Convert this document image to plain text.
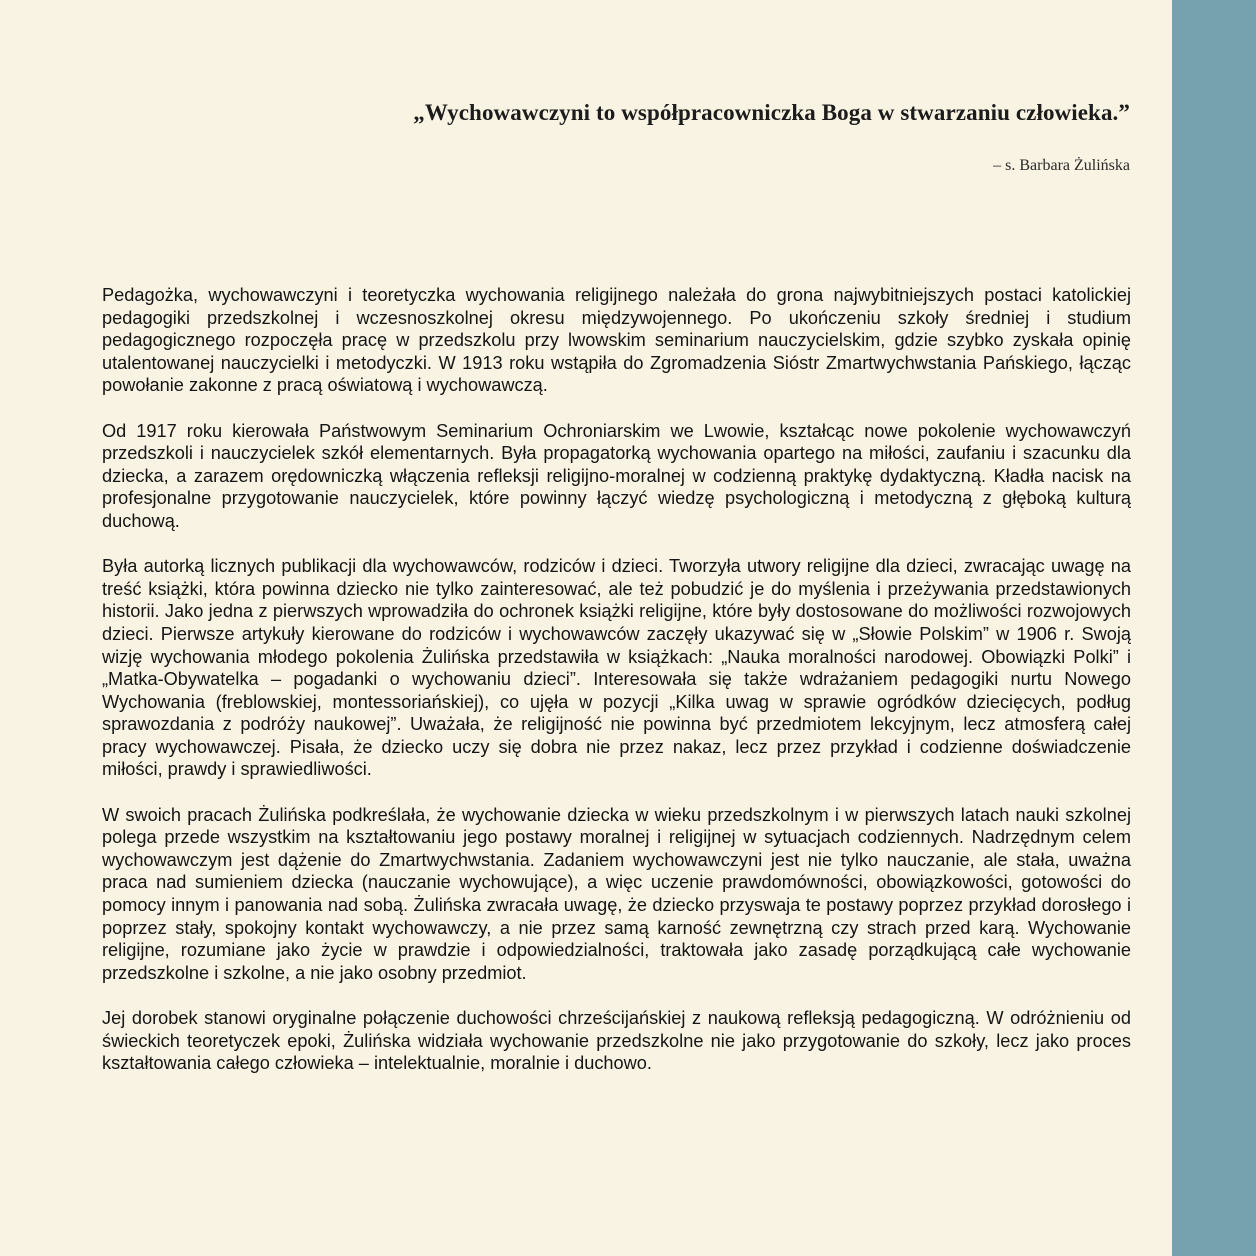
„Wychowawczyni to współpracowniczka Boga w stwarzaniu człowieka.”
– s. Barbara Żulińska

Pedagożka, wychowawczyni i teoretyczka wychowania religijnego należała do grona najwybitniejszych postaci katolickiej pedagogiki przedszkolnej i wczesnoszkolnej okresu międzywojennego. Po ukończeniu szkoły średniej i studium pedagogicznego rozpoczęła pracę w przedszkolu przy lwowskim seminarium nauczycielskim, gdzie szybko zyskała opinię utalentowanej nauczycielki i metodyczki. W 1913 roku wstąpiła do Zgromadzenia Sióstr Zmartwychwstania Pańskiego, łącząc powołanie zakonne z pracą oświatową i wychowawczą.

Od 1917 roku kierowała Państwowym Seminarium Ochroniarskim we Lwowie, kształcąc nowe pokolenie wychowawczyń przedszkoli i nauczycielek szkół elementarnych. Była propagatorką wychowania opartego na miłości, zaufaniu i szacunku dla dziecka, a zarazem orędowniczką włączenia refleksji religijno-moralnej w codzienną praktykę dydaktyczną. Kładła nacisk na profesjonalne przygotowanie nauczycielek, które powinny łączyć wiedzę psychologiczną i metodyczną z głęboką kulturą duchową.

Była autorką licznych publikacji dla wychowawców, rodziców i dzieci. Tworzyła utwory religijne dla dzieci, zwracając uwagę na treść książki, która powinna dziecko nie tylko zainteresować, ale też pobudzić je do myślenia i przeżywania przedstawionych historii. Jako jedna z pierwszych wprowadziła do ochronek książki religijne, które były dostosowane do możliwości rozwojowych dzieci. Pierwsze artykuły kierowane do rodziców i wychowawców zaczęły ukazywać się w „Słowie Polskim” w 1906 r. Swoją wizję wychowania młodego pokolenia Żulińska przedstawiła w książkach: „Nauka moralności narodowej. Obowiązki Polki” i „Matka-Obywatelka – pogadanki o wychowaniu dzieci”. Interesowała się także wdrażaniem pedagogiki nurtu Nowego Wychowania (freblowskiej, montessoriańskiej), co ujęła w pozycji „Kilka uwag w sprawie ogródków dziecięcych, podług sprawozdania z podróży naukowej”. Uważała, że religijność nie powinna być przedmiotem lekcyjnym, lecz atmosferą całej pracy wychowawczej. Pisała, że dziecko uczy się dobra nie przez nakaz, lecz przez przykład i codzienne doświadczenie miłości, prawdy i sprawiedliwości.

W swoich pracach Żulińska podkreślała, że wychowanie dziecka w wieku przedszkolnym i w pierwszych latach nauki szkolnej polega przede wszystkim na kształtowaniu jego postawy moralnej i religijnej w sytuacjach codziennych. Nadrzędnym celem wychowawczym jest dążenie do Zmartwychwstania. Zadaniem wychowawczyni jest nie tylko nauczanie, ale stała, uważna praca nad sumieniem dziecka (nauczanie wychowujące), a więc uczenie prawdomówności, obowiązkowości, gotowości do pomocy innym i panowania nad sobą. Żulińska zwracała uwagę, że dziecko przyswaja te postawy poprzez przykład dorosłego i poprzez stały, spokojny kontakt wychowawczy, a nie przez samą karność zewnętrzną czy strach przed karą. Wychowanie religijne, rozumiane jako życie w prawdzie i odpowiedzialności, traktowała jako zasadę porządkującą całe wychowanie przedszkolne i szkolne, a nie jako osobny przedmiot.

Jej dorobek stanowi oryginalne połączenie duchowości chrześcijańskiej z naukową refleksją pedagogiczną. W odróżnieniu od świeckich teoretyczek epoki, Żulińska widziała wychowanie przedszkolne nie jako przygotowanie do szkoły, lecz jako proces kształtowania całego człowieka – intelektualnie, moralnie i duchowo.
